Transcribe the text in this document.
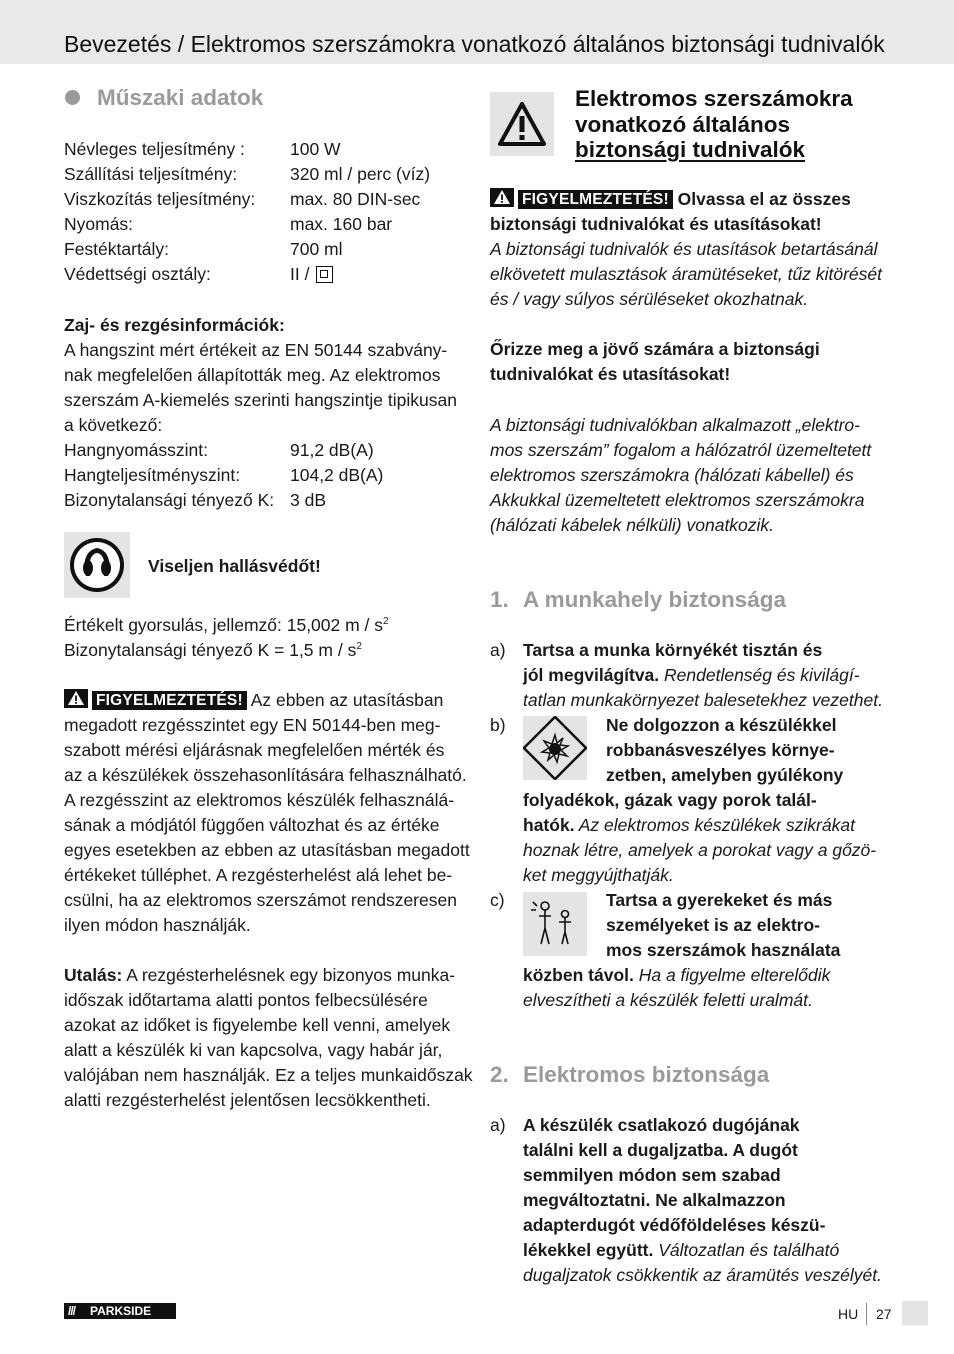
Bevezetés / Elektromos szerszámokra vonatkozó általános biztonsági tudnivalók
Műszaki adatok
Névleges teljesítmény :	100 W
Szállítási teljesítmény:	320 ml / perc (víz)
Viszkozítás teljesítmény: max. 80 DIN-sec
Nyomás:	max. 160 bar
Festéktartály:	700 ml
Védettségi osztály:	II /
Zaj- és rezgésinformációk:
A hangszint mért értékeit az EN 50144 szabvány-
nak megfelelően állapították meg. Az elektromos
szerszám A-kiemelés szerinti hangszintje tipikusan
a következő:
Hangnyomásszint:	91,2 dB(A)
Hangteljesítményszint:	104,2 dB(A)
Bizonytalansági tényező K: 3 dB
Viseljen hallásvédőt!
Értékelt gyorsulás, jellemző: 15,002 m / $s^2$
Bizonytalansági tényező K = 1,5 m / $s^2$
FIGYELMEZTETÉS! Az ebben az utasításban
megadott rezgésszintet egy EN 50144-ben meg-
szabott mérési eljárásnak megfelelően mérték és
az a készülékek összehasonlítására felhasználható.
A rezgésszint az elektromos készülék felhasználá-
sának a módjától függően változhat és az értéke
egyes esetekben az ebben az utasításban megadott
értékeket túlléphet. A rezgésterhelést alá lehet be-
csülni, ha az elektromos szerszámot rendszeresen
ilyen módon használják.
Utalás: A rezgésterhelésnek egy bizonyos munka-
időszak időtartama alatti pontos felbecsülésére
azokat az időket is figyelembe kell venni, amelyek
alatt a készülék ki van kapcsolva, vagy habár jár,
valójában nem használják. Ez a teljes munkaidőszak
alatti rezgésterhelést jelentősen lecsökkentheti.
Elektromos szerszámokra
vonatkozó általános
biztonsági tudnivalók
FIGYELMEZTETÉS! Olvassa el az összes
biztonsági tudnivalókat és utasításokat!
A biztonsági tudnivalók és utasítások betartásánál
elkövetett mulasztások áramütéseket, tűz kitörését
és / vagy súlyos sérüléseket okozhatnak.
Őrizze meg a jövő számára a biztonsági
tudnivalókat és utasításokat!
A biztonsági tudnivalókban alkalmazott „elektro-
mos szerszám” fogalom a hálózatról üzemeltetett
elektromos szerszámokra (hálózati kábellel) és
Akkukkal üzemeltetett elektromos szerszámokra
(hálózati kábelek nélküli) vonatkozik.
1. A munkahely biztonsága
a) Tartsa a munka környékét tisztán és
jól megvilágítva. Rendetlenség és kivilágí-
tatlan munkakörnyezet balesetekhez vezethet.
b)	Ne dolgozzon a készülékkel
robbanásveszélyes környe-
zetben, amelyben gyúlékony
folyadékok, gázak vagy porok talál-
hatók. Az elektromos készülékek szikrákat
hoznak létre, amelyek a porokat vagy a gőzö-
ket meggyújthatják.
c)	Tartsa a gyerekeket és más
személyeket is az elektro-
mos szerszámok használata
közben távol. Ha a figyelme elterelődik
elveszítheti a készülék feletti uralmát.
2. Elektromos biztonsága
a) A készülék csatlakozó dugójának
találni kell a dugaljzatba. A dugót
semmilyen módon sem szabad
megváltoztatni. Ne alkalmazzon
adapterdugót védőföldeléses készü-
lékekkel együtt. Változatlan és található
dugaljzatok csökkentik az áramütés veszélyét.
/// PARKSIDE	HU 27
